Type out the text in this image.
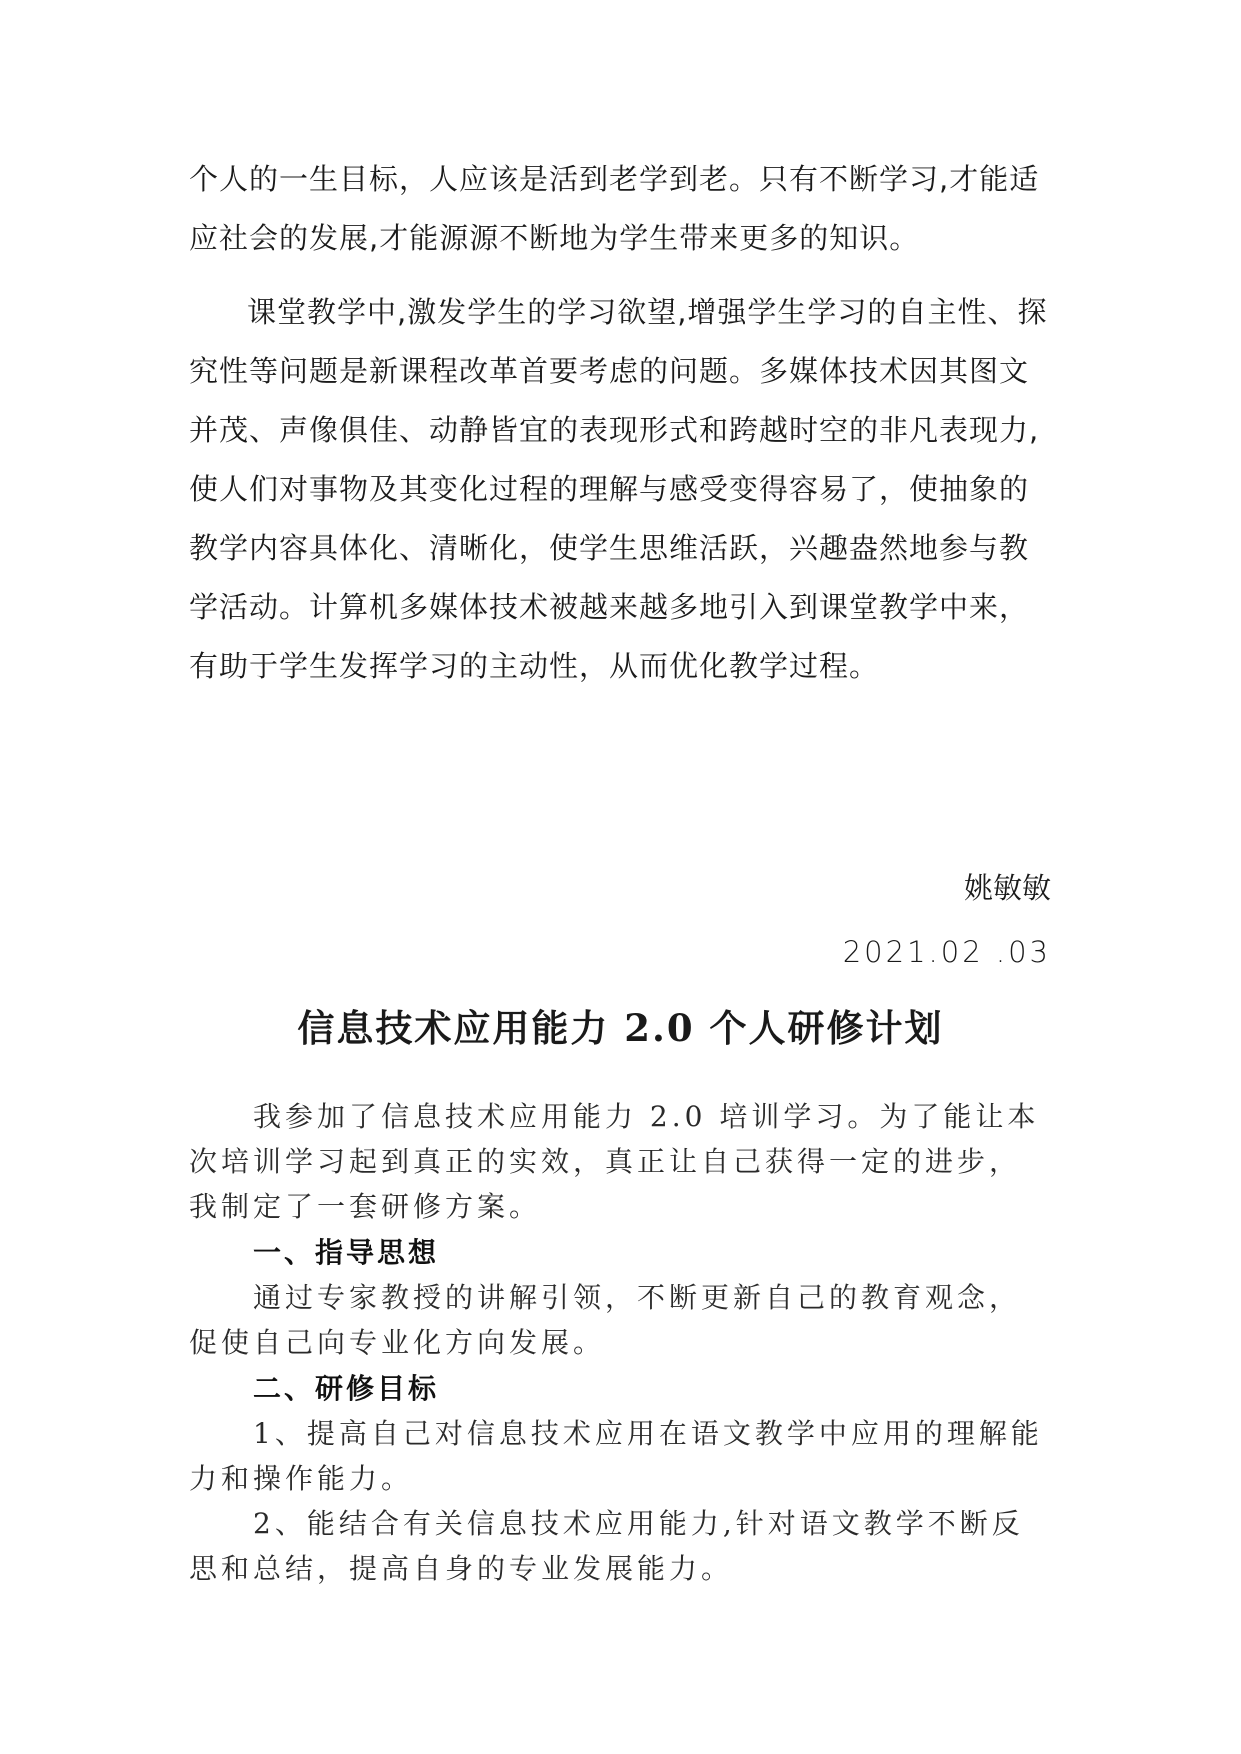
个人的一生目标，人应该是活到老学到老。只有不断学习,才能适应社会的发展,才能源源不断地为学生带来更多的知识。

课堂教学中,激发学生的学习欲望,增强学生学习的自主性、探究性等问题是新课程改革首要考虑的问题。多媒体技术因其图文并茂、声像俱佳、动静皆宜的表现形式和跨越时空的非凡表现力,使人们对事物及其变化过程的理解与感受变得容易了，使抽象的教学内容具体化、清晰化，使学生思维活跃，兴趣盎然地参与教学活动。计算机多媒体技术被越来越多地引入到课堂教学中来，有助于学生发挥学习的主动性，从而优化教学过程。

姚敏敏
2021.02 .03
信息技术应用能力 2.0 个人研修计划

我参加了信息技术应用能力 2.0 培训学习。为了能让本次培训学习起到真正的实效，真正让自己获得一定的进步，我制定了一套研修方案。

一、指导思想

通过专家教授的讲解引领，不断更新自己的教育观念，促使自己向专业化方向发展。

二、研修目标

1、提高自己对信息技术应用在语文教学中应用的理解能力和操作能力。

2、能结合有关信息技术应用能力,针对语文教学不断反思和总结，提高自身的专业发展能力。
